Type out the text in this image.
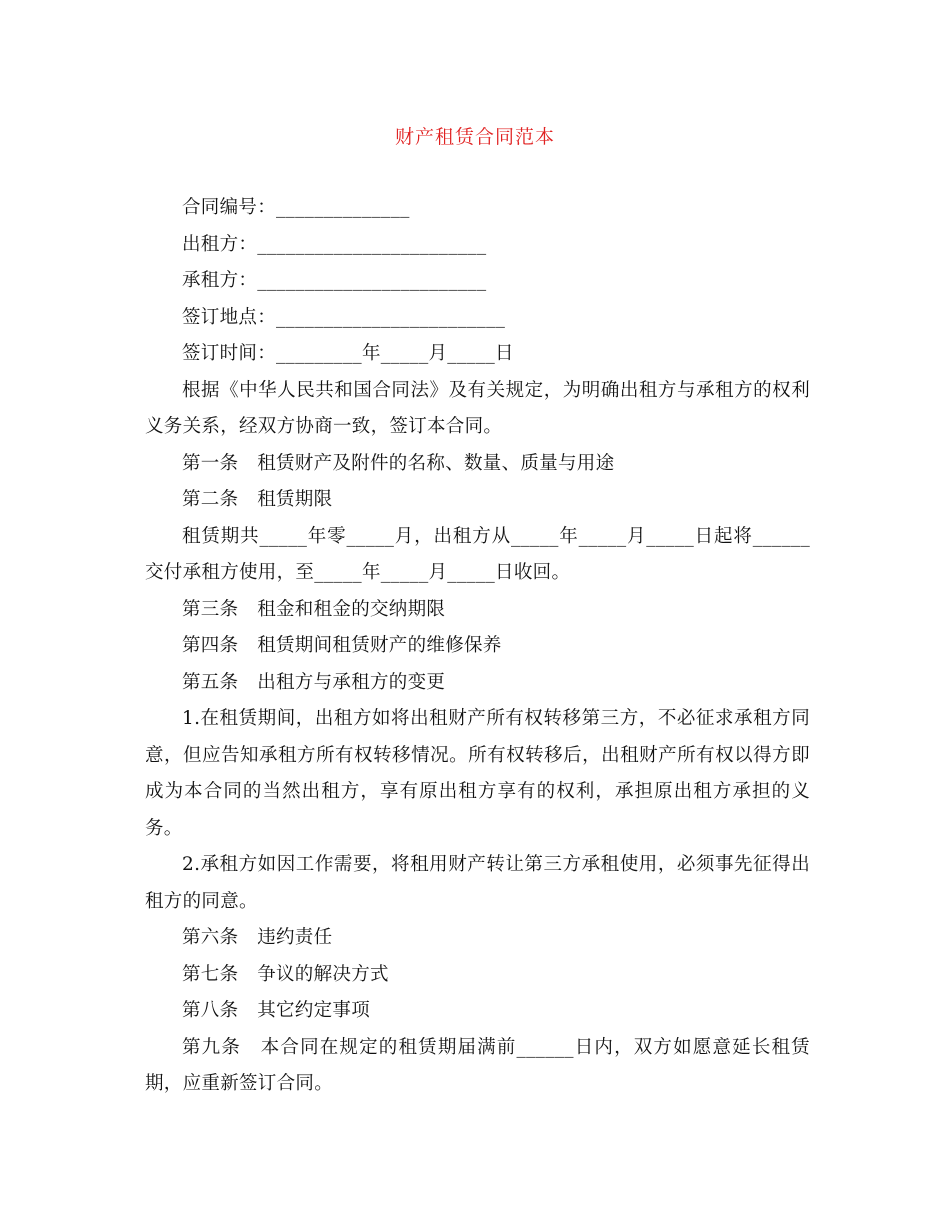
财产租赁合同范本

合同编号：______________

出租方：________________________

承租方：________________________

签订地点：________________________

签订时间：_________年_____月_____日

根据《中华人民共和国合同法》及有关规定，为明确出租方与承租方的权利义务关系，经双方协商一致，签订本合同。

第一条　租赁财产及附件的名称、数量、质量与用途

第二条　租赁期限

租赁期共_____年零_____月，出租方从_____年_____月_____日起将______交付承租方使用，至_____年_____月_____日收回。

第三条　租金和租金的交纳期限

第四条　租赁期间租赁财产的维修保养

第五条　出租方与承租方的变更

1.在租赁期间，出租方如将出租财产所有权转移第三方，不必征求承租方同意，但应告知承租方所有权转移情况。所有权转移后，出租财产所有权以得方即成为本合同的当然出租方，享有原出租方享有的权利，承担原出租方承担的义务。

2.承租方如因工作需要，将租用财产转让第三方承租使用，必须事先征得出租方的同意。

第六条　违约责任

第七条　争议的解决方式

第八条　其它约定事项

第九条　本合同在规定的租赁期届满前______日内，双方如愿意延长租赁期，应重新签订合同。
